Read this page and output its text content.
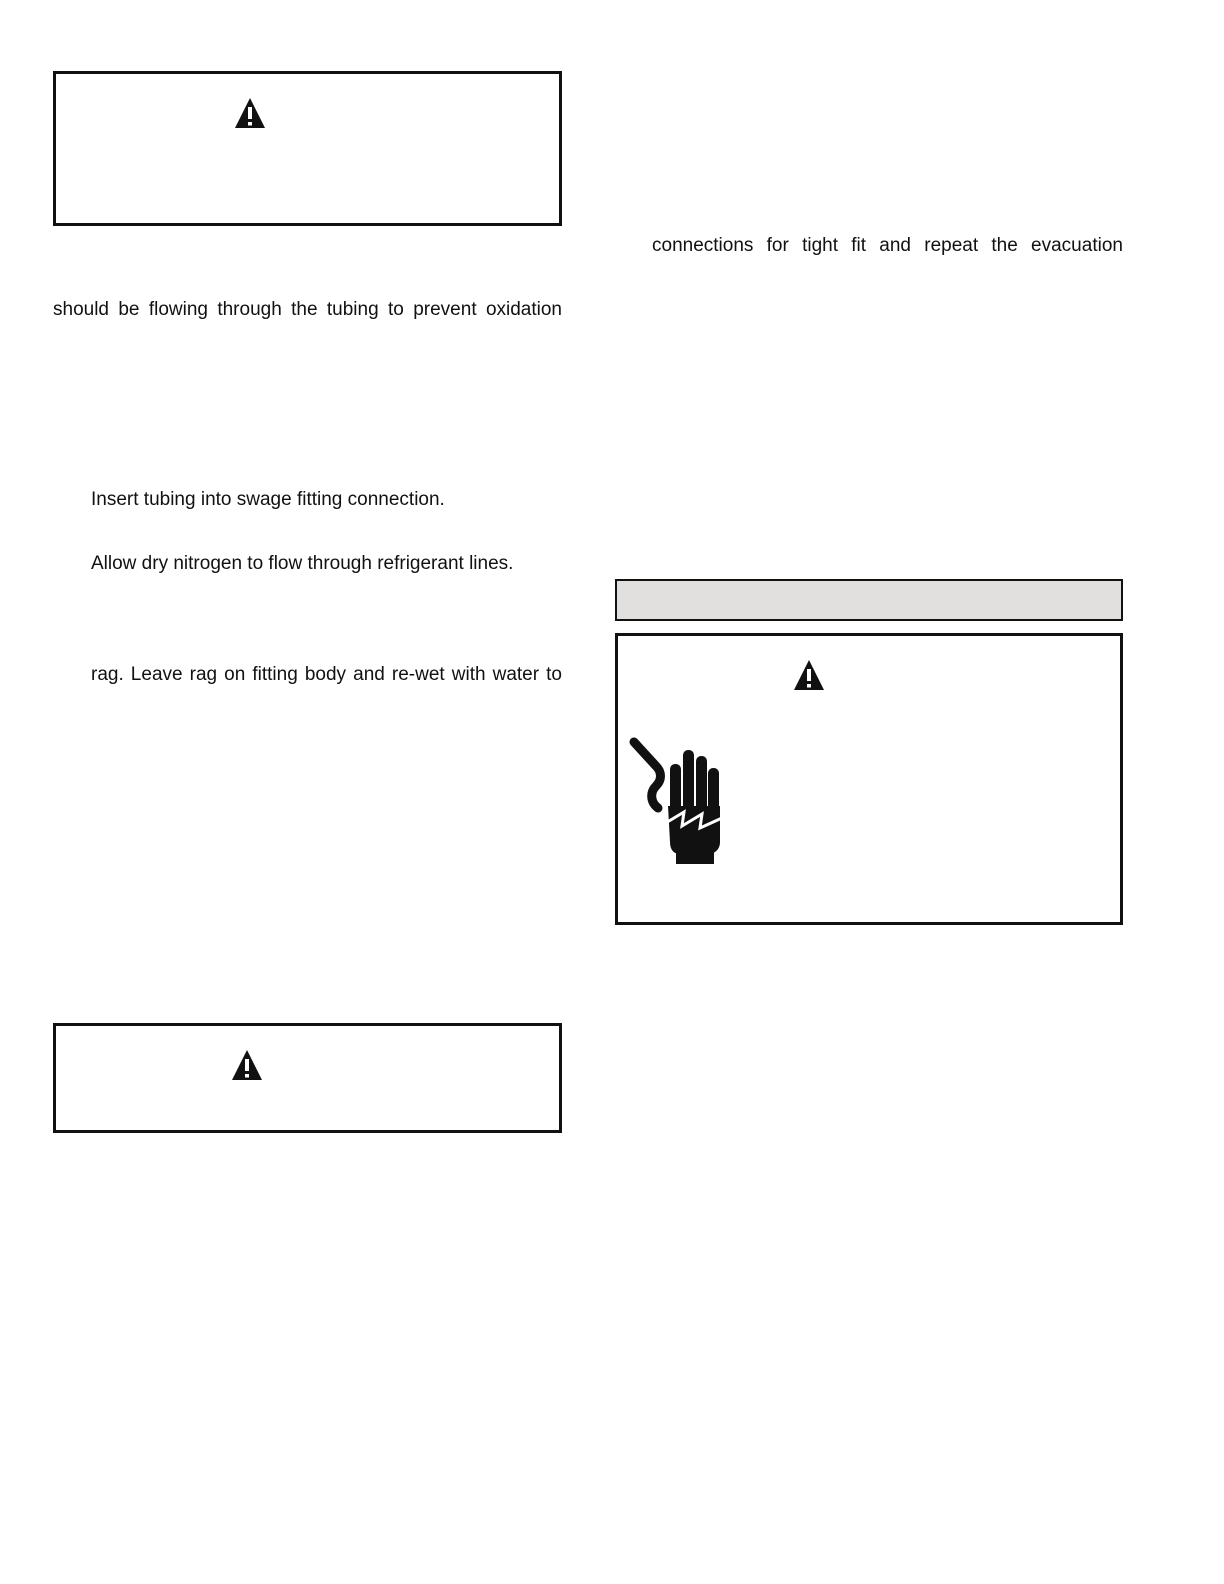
should be flowing through the tubing to prevent oxidation
Insert tubing into swage fitting connection.
Allow dry nitrogen to flow through refrigerant lines.
rag. Leave rag on fitting body and re-wet with water to
connections for tight fit and repeat the evacuation
